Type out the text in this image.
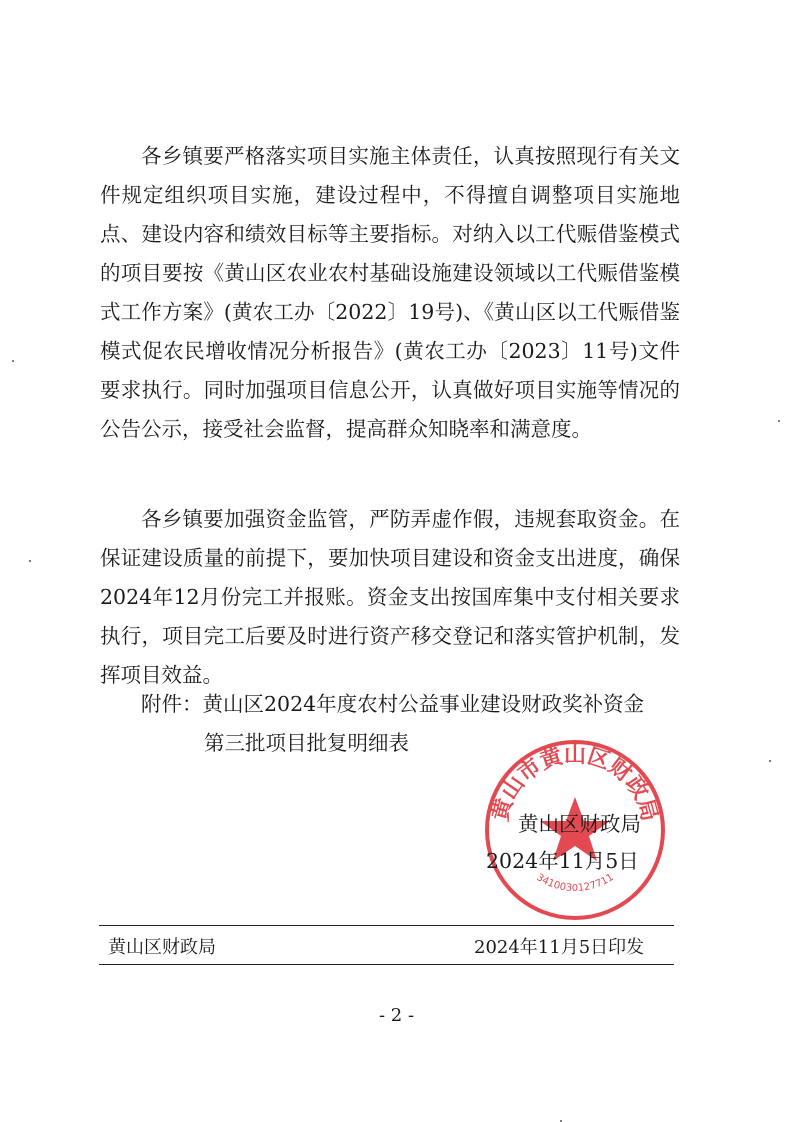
各乡镇要严格落实项目实施主体责任，认真按照现行有关文件规定组织项目实施，建设过程中，不得擅自调整项目实施地点、建设内容和绩效目标等主要指标。对纳入以工代赈借鉴模式的项目要按《黄山区农业农村基础设施建设领域以工代赈借鉴模式工作方案》(黄农工办〔2022〕19号)、《黄山区以工代赈借鉴模式促农民增收情况分析报告》(黄农工办〔2023〕11号)文件要求执行。同时加强项目信息公开，认真做好项目实施等情况的公告公示，接受社会监督，提高群众知晓率和满意度。

各乡镇要加强资金监管，严防弄虚作假，违规套取资金。在保证建设质量的前提下，要加快项目建设和资金支出进度，确保2024年12月份完工并报账。资金支出按国库集中支付相关要求执行，项目完工后要及时进行资产移交登记和落实管护机制，发挥项目效益。

附件：黄山区2024年度农村公益事业建设财政奖补资金
第三批项目批复明细表
黄山市黄山区财政局
3410030127711
黄山区财政局
2024年11月5日
黄山区财政局	2024年11月5日印发
- 2 -
